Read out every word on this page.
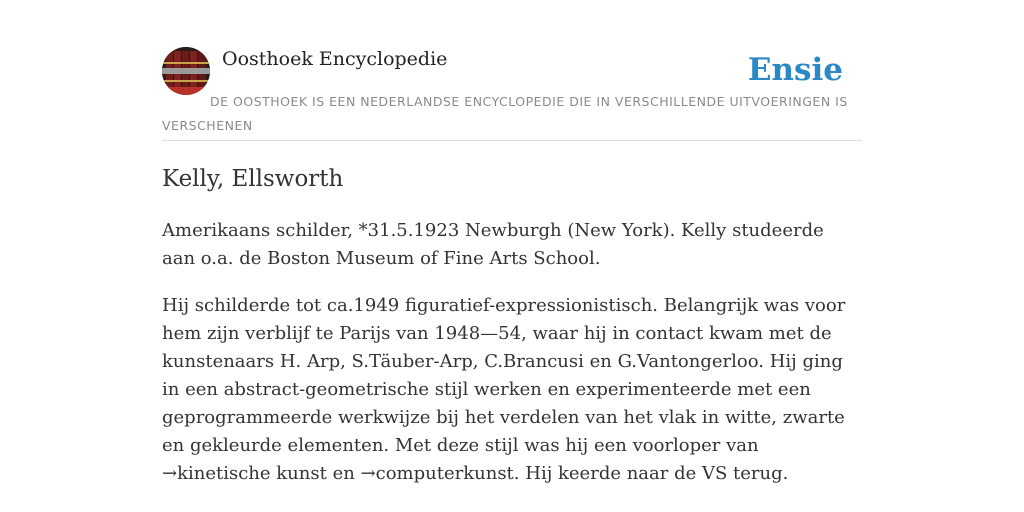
Oosthoek Encyclopedie	Ensie
DE OOSTHOEK IS EEN NEDERLANDSE ENCYCLOPEDIE DIE IN VERSCHILLENDE UITVOERINGEN IS VERSCHENEN
Kelly, Ellsworth

Amerikaans schilder, *31.5.1923 Newburgh (New York). Kelly studeerde aan o.a. de Boston Museum of Fine Arts School.

Hij schilderde tot ca.1949 figuratief-expressionistisch. Belangrijk was voor hem zijn verblijf te Parijs van 1948—54, waar hij in contact kwam met de kunstenaars H. Arp, S.Täuber-Arp, C.Brancusi en G.Vantongerloo. Hij ging in een abstract-geometrische stijl werken en experimenteerde met een geprogrammeerde werkwijze bij het verdelen van het vlak in witte, zwarte en gekleurde elementen. Met deze stijl was hij een voorloper van →kinetische kunst en →computerkunst. Hij keerde naar de VS terug.
